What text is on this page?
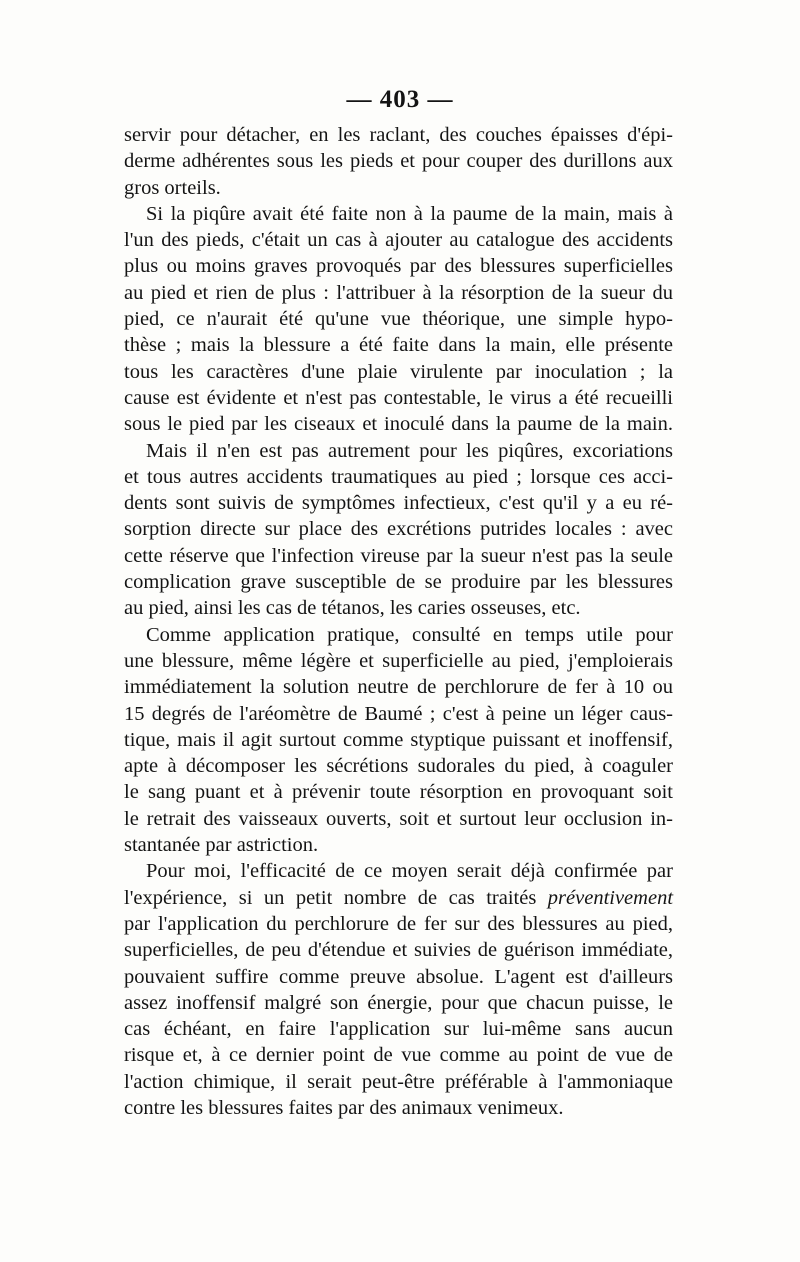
— 403 —
servir pour détacher, en les raclant, des couches épaisses d'épi-
derme adhérentes sous les pieds et pour couper des durillons aux
gros orteils.
Si la piqûre avait été faite non à la paume de la main, mais à
l'un des pieds, c'était un cas à ajouter au catalogue des accidents
plus ou moins graves provoqués par des blessures superficielles
au pied et rien de plus : l'attribuer à la résorption de la sueur du
pied, ce n'aurait été qu'une vue théorique, une simple hypo-
thèse ; mais la blessure a été faite dans la main, elle présente
tous les caractères d'une plaie virulente par inoculation ; la
cause est évidente et n'est pas contestable, le virus a été recueilli
sous le pied par les ciseaux et inoculé dans la paume de la main.
Mais il n'en est pas autrement pour les piqûres, excoriations
et tous autres accidents traumatiques au pied ; lorsque ces acci-
dents sont suivis de symptômes infectieux, c'est qu'il y a eu ré-
sorption directe sur place des excrétions putrides locales : avec
cette réserve que l'infection vireuse par la sueur n'est pas la seule
complication grave susceptible de se produire par les blessures
au pied, ainsi les cas de tétanos, les caries osseuses, etc.
Comme application pratique, consulté en temps utile pour
une blessure, même légère et superficielle au pied, j'emploierais
immédiatement la solution neutre de perchlorure de fer à 10 ou
15 degrés de l'aréomètre de Baumé ; c'est à peine un léger caus-
tique, mais il agit surtout comme styptique puissant et inoffensif,
apte à décomposer les sécrétions sudorales du pied, à coaguler
le sang puant et à prévenir toute résorption en provoquant soit
le retrait des vaisseaux ouverts, soit et surtout leur occlusion in-
stantanée par astriction.
Pour moi, l'efficacité de ce moyen serait déjà confirmée par
l'expérience, si un petit nombre de cas traités préventivement
par l'application du perchlorure de fer sur des blessures au pied,
superficielles, de peu d'étendue et suivies de guérison immédiate,
pouvaient suffire comme preuve absolue. L'agent est d'ailleurs
assez inoffensif malgré son énergie, pour que chacun puisse, le
cas échéant, en faire l'application sur lui-même sans aucun
risque et, à ce dernier point de vue comme au point de vue de
l'action chimique, il serait peut-être préférable à l'ammoniaque
contre les blessures faites par des animaux venimeux.
